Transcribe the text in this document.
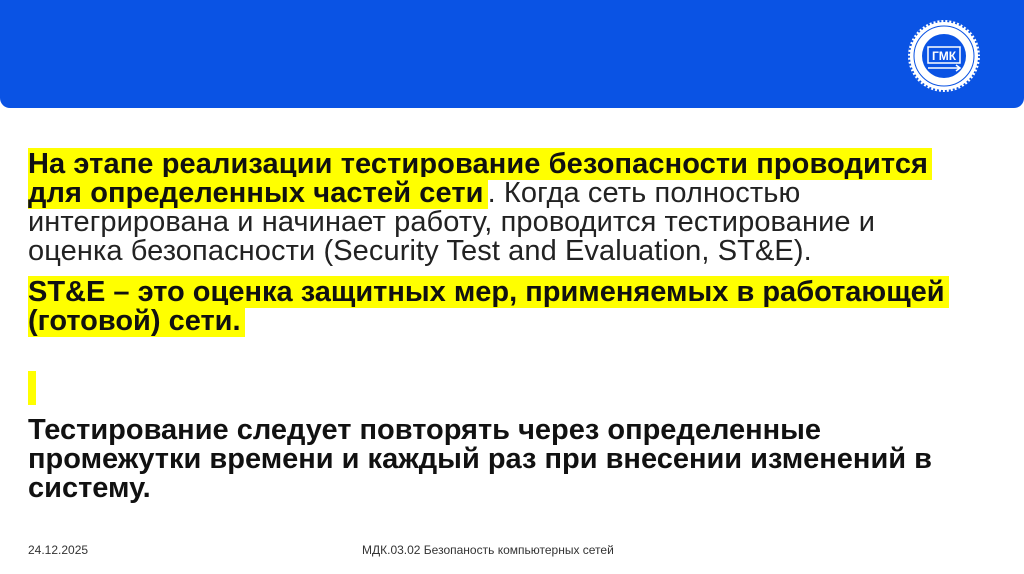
ГМК

На этапе реализации тестирование безопасности проводится для определенных частей сети . Когда сеть полностью интегрирована и начинает работу, проводится тестирование и оценка безопасности (Security Test and Evaluation, ST&E).

ST&E – это оценка защитных мер, применяемых в работающей (готовой) сети.

Тестирование следует повторять через определенные промежутки времени и каждый раз при внесении изменений в систему.

24.12.2025	МДК.03.02 Безопаность компьютерных сетей
